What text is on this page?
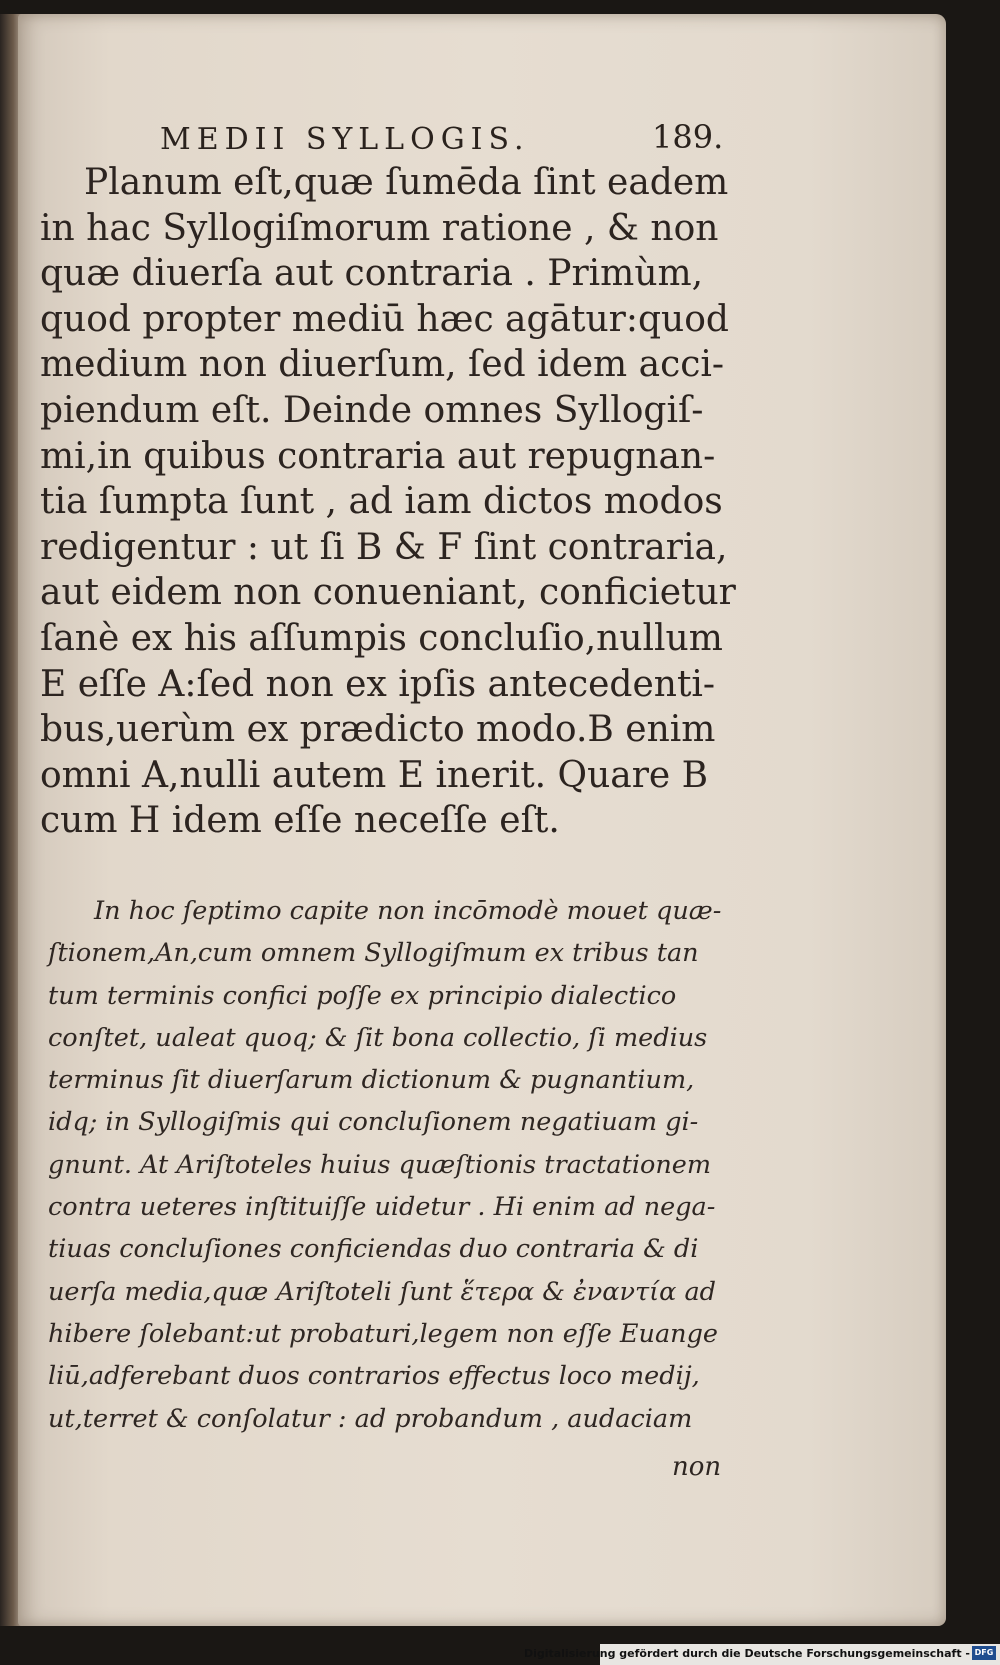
MEDII SYLLOGIS.	189.
Planum eſt,quæ ſumēda ſint eadem
in hac Syllogiſmorum ratione , & non
quæ diuerſa aut contraria . Primùm,
quod propter mediū hæc agātur:quod
medium non diuerſum, ſed idem acci-
piendum eſt. Deinde omnes Syllogiſ-
mi,in quibus contraria aut repugnan-
tia ſumpta ſunt , ad iam dictos modos
redigentur : ut ſi B & F ſint contraria,
aut eidem non conueniant, conficietur
ſanè ex his aſſumpis concluſio,nullum
E eſſe A:ſed non ex ipſis antecedenti-
bus,uerùm ex prædicto modo.B enim
omni A,nulli autem E inerit. Quare B
cum H idem eſſe neceſſe eſt.
In hoc ſeptimo capite non incōmodè mouet quæ-
ſtionem,An,cum omnem Syllogiſmum ex tribus tan
tum terminis confici poſſe ex principio dialectico
conſtet, ualeat quoq; & ſit bona collectio, ſi medius
terminus ſit diuerſarum dictionum & pugnantium,
idq; in Syllogiſmis qui concluſionem negatiuam gi-
gnunt. At Ariſtoteles huius quæſtionis tractationem
contra ueteres inſtituiſſe uidetur . Hi enim ad nega-
tiuas concluſiones conficiendas duo contraria & di
uerſa media,quæ Ariſtoteli ſunt ἕτερα & ἐναντία ad
hibere ſolebant:ut probaturi,legem non eſſe Euange
liū,adferebant duos contrarios effectus loco medij,
ut,terret & conſolatur : ad probandum , audaciam
non
Digitalisierung gefördert durch die Deutsche Forschungsgemeinschaft - DFG
